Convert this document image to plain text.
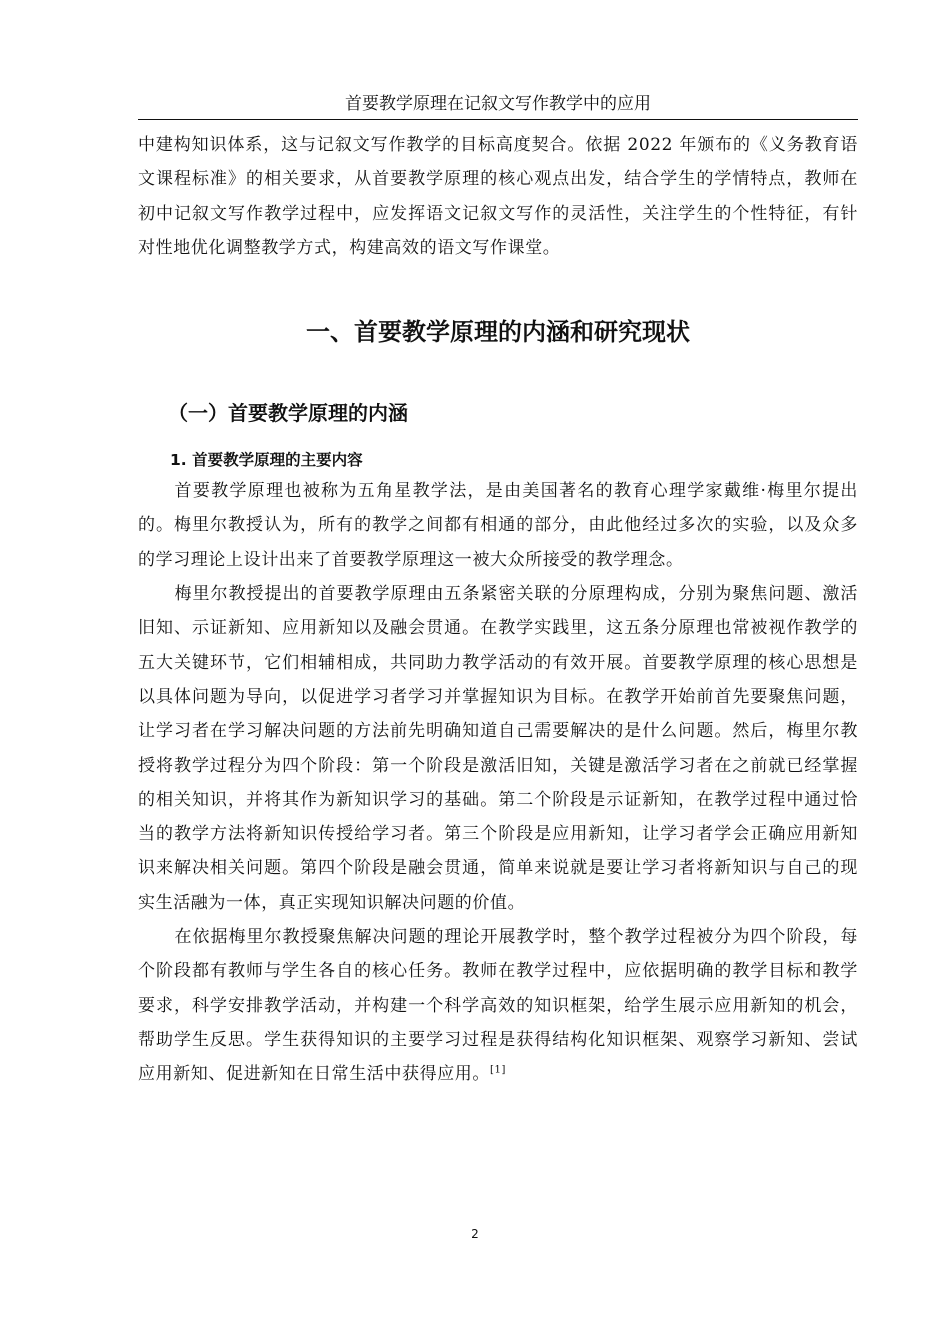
首要教学原理在记叙文写作教学中的应用

中建构知识体系，这与记叙文写作教学的目标高度契合。依据 2022 年颁布的《义务教育语文课程标准》的相关要求，从首要教学原理的核心观点出发，结合学生的学情特点，教师在初中记叙文写作教学过程中，应发挥语文记叙文写作的灵活性，关注学生的个性特征，有针对性地优化调整教学方式，构建高效的语文写作课堂。

一、首要教学原理的内涵和研究现状
（一）首要教学原理的内涵
1. 首要教学原理的主要内容

首要教学原理也被称为五角星教学法，是由美国著名的教育心理学家戴维·梅里尔提出的。梅里尔教授认为，所有的教学之间都有相通的部分，由此他经过多次的实验，以及众多的学习理论上设计出来了首要教学原理这一被大众所接受的教学理念。

梅里尔教授提出的首要教学原理由五条紧密关联的分原理构成，分别为聚焦问题、激活旧知、示证新知、应用新知以及融会贯通。在教学实践里，这五条分原理也常被视作教学的五大关键环节，它们相辅相成，共同助力教学活动的有效开展。首要教学原理的核心思想是以具体问题为导向，以促进学习者学习并掌握知识为目标。在教学开始前首先要聚焦问题，让学习者在学习解决问题的方法前先明确知道自己需要解决的是什么问题。然后，梅里尔教授将教学过程分为四个阶段：第一个阶段是激活旧知，关键是激活学习者在之前就已经掌握的相关知识，并将其作为新知识学习的基础。第二个阶段是示证新知，在教学过程中通过恰当的教学方法将新知识传授给学习者。第三个阶段是应用新知，让学习者学会正确应用新知识来解决相关问题。第四个阶段是融会贯通，简单来说就是要让学习者将新知识与自己的现实生活融为一体，真正实现知识解决问题的价值。

在依据梅里尔教授聚焦解决问题的理论开展教学时，整个教学过程被分为四个阶段，每个阶段都有教师与学生各自的核心任务。教师在教学过程中，应依据明确的教学目标和教学要求，科学安排教学活动，并构建一个科学高效的知识框架，给学生展示应用新知的机会，帮助学生反思。学生获得知识的主要学习过程是获得结构化知识框架、观察学习新知、尝试应用新知、促进新知在日常生活中获得应用。[1]

2
